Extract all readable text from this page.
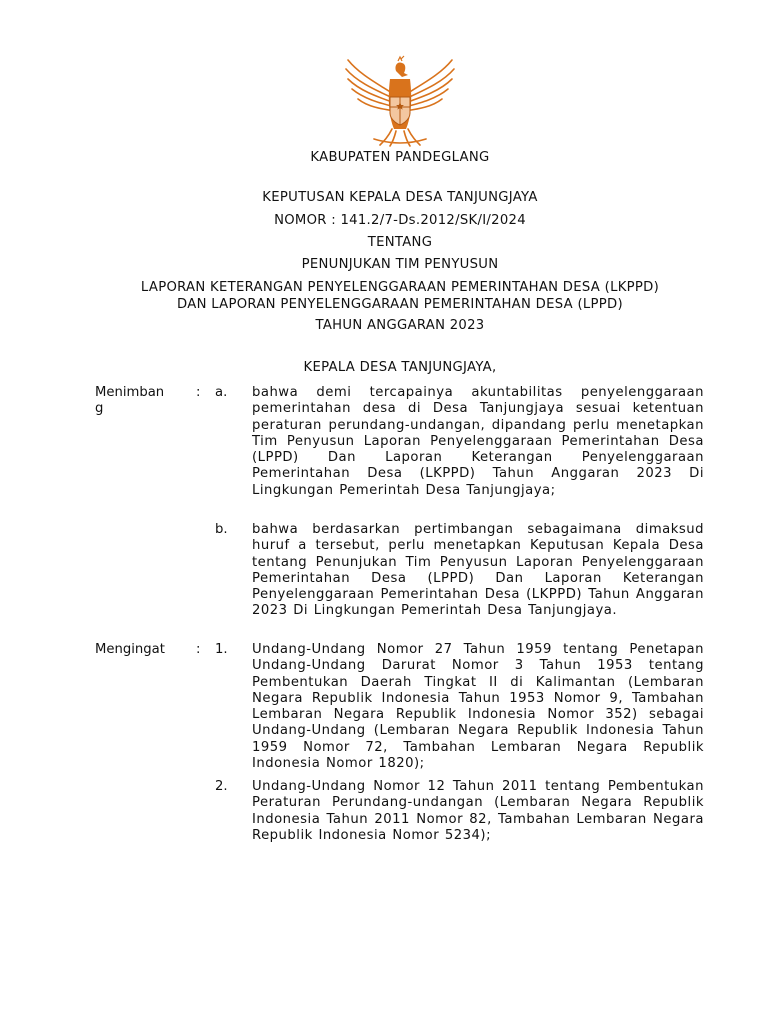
KABUPATEN PANDEGLANG
KEPUTUSAN KEPALA DESA TANJUNGJAYA
NOMOR : 141.2/7-Ds.2012/SK/I/2024
TENTANG
PENUNJUKAN TIM PENYUSUN
LAPORAN KETERANGAN PENYELENGGARAAN PEMERINTAHAN DESA (LKPPD)
DAN LAPORAN PENYELENGGARAAN PEMERINTAHAN DESA (LPPD)
TAHUN ANGGARAN 2023
KEPALA DESA TANJUNGJAYA,
Menimban
g
: a. bahwa demi tercapainya akuntabilitas penyelenggaraan pemerintahan desa di Desa Tanjungjaya sesuai ketentuan peraturan perundang-undangan, dipandang perlu menetapkan Tim Penyusun Laporan Penyelenggaraan Pemerintahan Desa (LPPD) Dan Laporan Keterangan Penyelenggaraan Pemerintahan Desa (LKPPD) Tahun Anggaran 2023 Di Lingkungan Pemerintah Desa Tanjungjaya;
b. bahwa berdasarkan pertimbangan sebagaimana dimaksud huruf a tersebut, perlu menetapkan Keputusan Kepala Desa tentang Penunjukan Tim Penyusun Laporan Penyelenggaraan Pemerintahan Desa (LPPD) Dan Laporan Keterangan Penyelenggaraan Pemerintahan Desa (LKPPD) Tahun Anggaran 2023 Di Lingkungan Pemerintah Desa Tanjungjaya.
Mengingat : 1. Undang-Undang Nomor 27 Tahun 1959 tentang Penetapan Undang-Undang Darurat Nomor 3 Tahun 1953 tentang Pembentukan Daerah Tingkat II di Kalimantan (Lembaran Negara Republik Indonesia Tahun 1953 Nomor 9, Tambahan Lembaran Negara Republik Indonesia Nomor 352) sebagai Undang-Undang (Lembaran Negara Republik Indonesia Tahun 1959 Nomor 72, Tambahan Lembaran Negara Republik Indonesia Nomor 1820);
2. Undang-Undang Nomor 12 Tahun 2011 tentang Pembentukan Peraturan Perundang-undangan (Lembaran Negara Republik Indonesia Tahun 2011 Nomor 82, Tambahan Lembaran Negara Republik Indonesia Nomor 5234);
